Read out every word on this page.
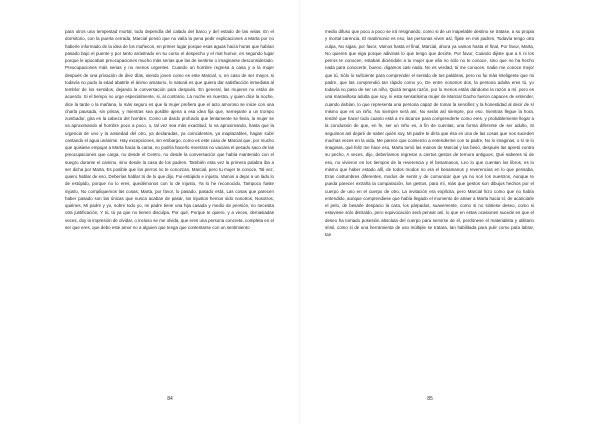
para otros una tempestad mortal, todo dependía del calado del barco y del estado de las velas. En el dormitorio, con la puerta cerrada, Marcial pensó que no valía la pena pedir explicaciones a Marta por no haberle informado de la idea de los muñecos, en primer lugar porque esas aguas hacía horas que habían pasado bajo el puente y por tanto arrastrado en su curso el despecho y el mal humor, en segundo lugar porque le apocaban preocupaciones mucho más serias que las de sentirse o imaginarse desconsiderado. Preocupaciones más serias y no menos urgentes. Cuando un hombre regresa a casa y a la mujer después de una privación de diez días, siendo joven como es este Marcial, o, en caso de ser mayor, si todavía no pudo la edad abatirle el ánimo amatorio, lo natural es que quiera dar satisfacción inmediata al temblor de los sentidos, dejando la conversación para después. En general, las mujeres no están de acuerdo. Si el tiempo no urge especialmente, si, al contrario, La noche es nuestra, y quien dice la noche, dice la tarde o la mañana, lo más seguro es que la mujer prefiera que el acto amoroso se inicie con una charla pausada, sin prisas, y mientras sea posible ajena a esa idea fija que, semejante a un trompo zumbador, gira en la cabeza del hombre. Como un dardo profundo que lentamente se llena, la mujer se va aproximando al hombre poco a poco, o, tal vez sea más exactitud, lo va aproximando, hasta que la urgencia de uno y la ansiedad del otro, ya declaradas, ya coincidentes, ya inaplazables, hagan subir cantando el agua unánime. Hay excepciones, sin embargo, como es este caso de Marcial que, por mucho que quisiese empujar a Marta hacia la cama, no podría hacerlo mientras no vaciara el pesado saco de las preocupaciones que carga, no desde el Centro, no desde la conversación que había mantenido con el suegro durante el camino, sino desde la casa de los padres. También esta vez la primera palabra iba a ser dicha por Marta, Es posible que los perros no te conozcan, Marcial, pero tu mujer te conoce, Tal vez, quiero hablar de eso, Deberías hablar tú de lo que dijo, Fui estúpido e injusto, Vamos a dejar a un lado lo de estúpido, porque no lo eres, quedémonos con lo de injusto, Ya lo he reconocido, Tampoco fuiste injusto, No compliquemos las cosas, Marta, por favor, lo pasado, pasado está, Las cosas que parecen haber pasado son las únicas que nunca acaban de pasar, los injustos hemos sido nosotros, Nosotros, quiénes, Mi padre y yo, sobre todo yo, mi padre tiene una hija casada y medio de pensión, no necesita otra justificación, Y tú, tú ya que no tienen disculpa, Por qué, Porque te quiero, y a veces, demasiadas veces, doy la impresión de olvidar, o incluso se me olvida, que eres una persona concreta, completa en el ser que eres, que debo este amor no a alguien que tenga que contentarse con un sentimiento

84

medio difuso que poco a poco se irá resignando, como si de un inapelable destino se tratase, a su propia y mortal carencia, El matrimonio es eso, las personas viven así, fíjate en mis padres, Todavía tengo otra culpa, No sigas, por favor, Vamos hasta el final, Marcial, ahora ya vamos hasta el final, Por favor, Marta, No quieres que siga porque adivinas lo que tengo que decirte, Por favor, Cuando dijiste que a ti ni los perros te conocen, estabas diciéndole a tu mujer que ella no sólo no te conoce, sino que no ha hecho nada para conocerte, bueno, digamos casi nada, No es verdad, tú me conoces, nadie me conoce mejor que tú, Sólo lo suficiente para comprender el sentido de tus palabras, pero no fui más inteligente que mi padre, que las comprendió tan rápido como yo, De entre nosotros dos, la persona adulta eres tú, yo todavía no paso de ser un niño, Quizá tengas razón, por lo menos estás dándome la razón a mí, pero es una maravillosa adulta que soy, ni esta sensatísima mujer de Marcial Gacho fueron capaces de entender, cuando debían, lo que representa una persona capaz de tomar la sencillez y la honestidad al decir de sí mismo que es un niño, No siempre será así, No serás así siempre, por eso, mientras llegue la hora, tendré que hacer todo cuanto está a mi alcance para comprenderte como eres, y probablemente llegar a la conclusión de que, en fe, ser un niño es, a fin de cuentas, una forma diferente de ser adulto, Si seguimos así dejaré de saber quién soy, Mi padre te diría que ésa es una de las cosas que nos suceden muchas veces en la vida, Me parece que comienzo a entenderme con tu padre, No lo imaginas, o sí te lo imaginas, qué feliz me hace eso, Marta tomó las manos de Marcial y las besó, después las apretó contra su pecho, A veces, dijo, deberíamos regresar a ciertos gestos de ternura antiguos, Qué saberes tú de eso, no vivieron en los tiempos de la reverencia y el besamanos, Leo lo que cuentan los libros, es lo mismo que haber estado allí, de todos modos no era el besamanos y reverencias en lo que pensaba, Eran costumbres diferentes, modos de sentir y de comunicar que ya no son los nuestros, Aunque te pueda parecer extraña la comparación, los gestos, para mí, más que gestos son dibujos hechos por el cuerpo de uno en el cuerpo de otro. La invitación era explícita, pero Marcial hizo como que no había entendido, aunque comprendiese que había llegado el momento de atraer a Marta hacia sí, de acariciarle el pelo, de besarle despacio la cara, los párpados, suavemente, como si no sintiese deseo, como si estuviese sólo distraído, pero equivocación será pensar así, lo que en estas ocasiones sucede es que el deseo ha tomado posesión absoluta del cuerpo para servirse de él, perdónese el materialista y utilitario símil, como si de una herramienta de uso múltiple se tratara, tan habilitada para pulir como para labrar, tan

85
